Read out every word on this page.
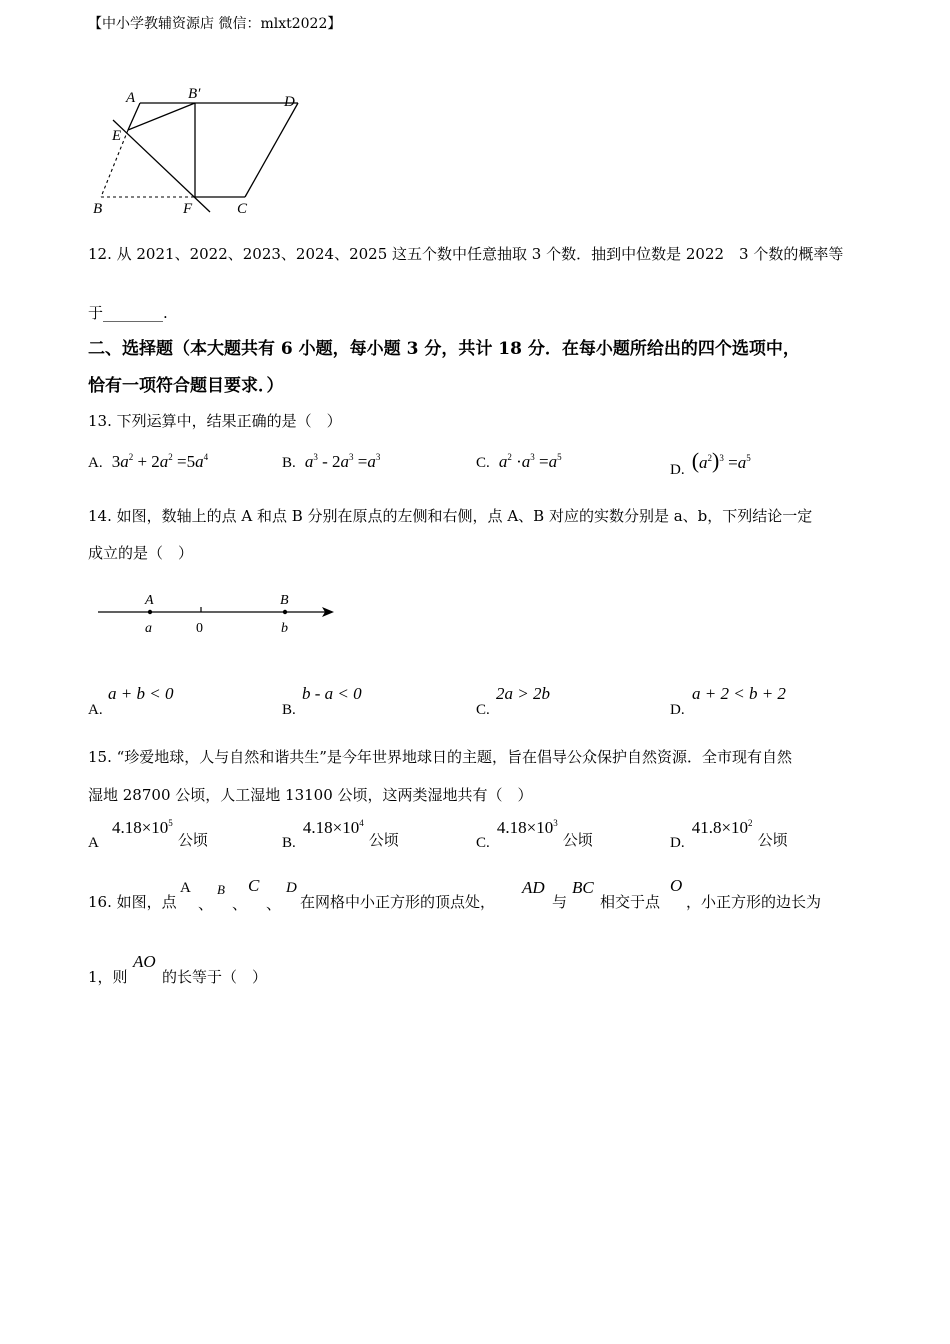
【中小学教辅资源店 微信：mlxt2022】
A	B′	D
E
B	F	C
12. 从 2021、2022、2023、2024、2025 这五个数中任意抽取 3 个数．抽到中位数是 2022　3 个数的概率等
于________.
二、选择题（本大题共有 6 小题，每小题 3 分，共计 18 分．在每小题所给出的四个选项中，
恰有一项符合题目要求．）
13. 下列运算中，结果正确的是（　）
A. $3a^2 + 2a^2 =5a^4$	B. $a^3 - 2a^3 =a^3$	C. $a^2 \cdot a^3 =a^5$
D. $(a^2)^3 =a^5$
14. 如图，数轴上的点 A 和点 B 分别在原点的左侧和右侧，点 A、B 对应的实数分别是 a、b，下列结论一定
成立的是（　）
A
a
B
b
0
A.
a + b < 0
B.
b - a < 0
C.
2a > 2b
D.
a + 2 < b + 2
15. “珍爱地球，人与自然和谐共生”是今年世界地球日的主题，旨在倡导公众保护自然资源．全市现有自然
湿地 28700 公顷，人工湿地 13100 公顷，这两类湿地共有（　）
A $4.18\times 10^5$ 公顷	B. $4.18\times 10^4$ 公顷	C. $4.18\times 10^3$ 公顷	D. $41.8\times 10^2$ 公顷
16. 如图，点
A
、
B
、
C
、
D
在网格中小正方形的顶点处，
AD
与
BC
相交于点
O
，小正方形的边长为
1，则
AO
的长等于（　）
